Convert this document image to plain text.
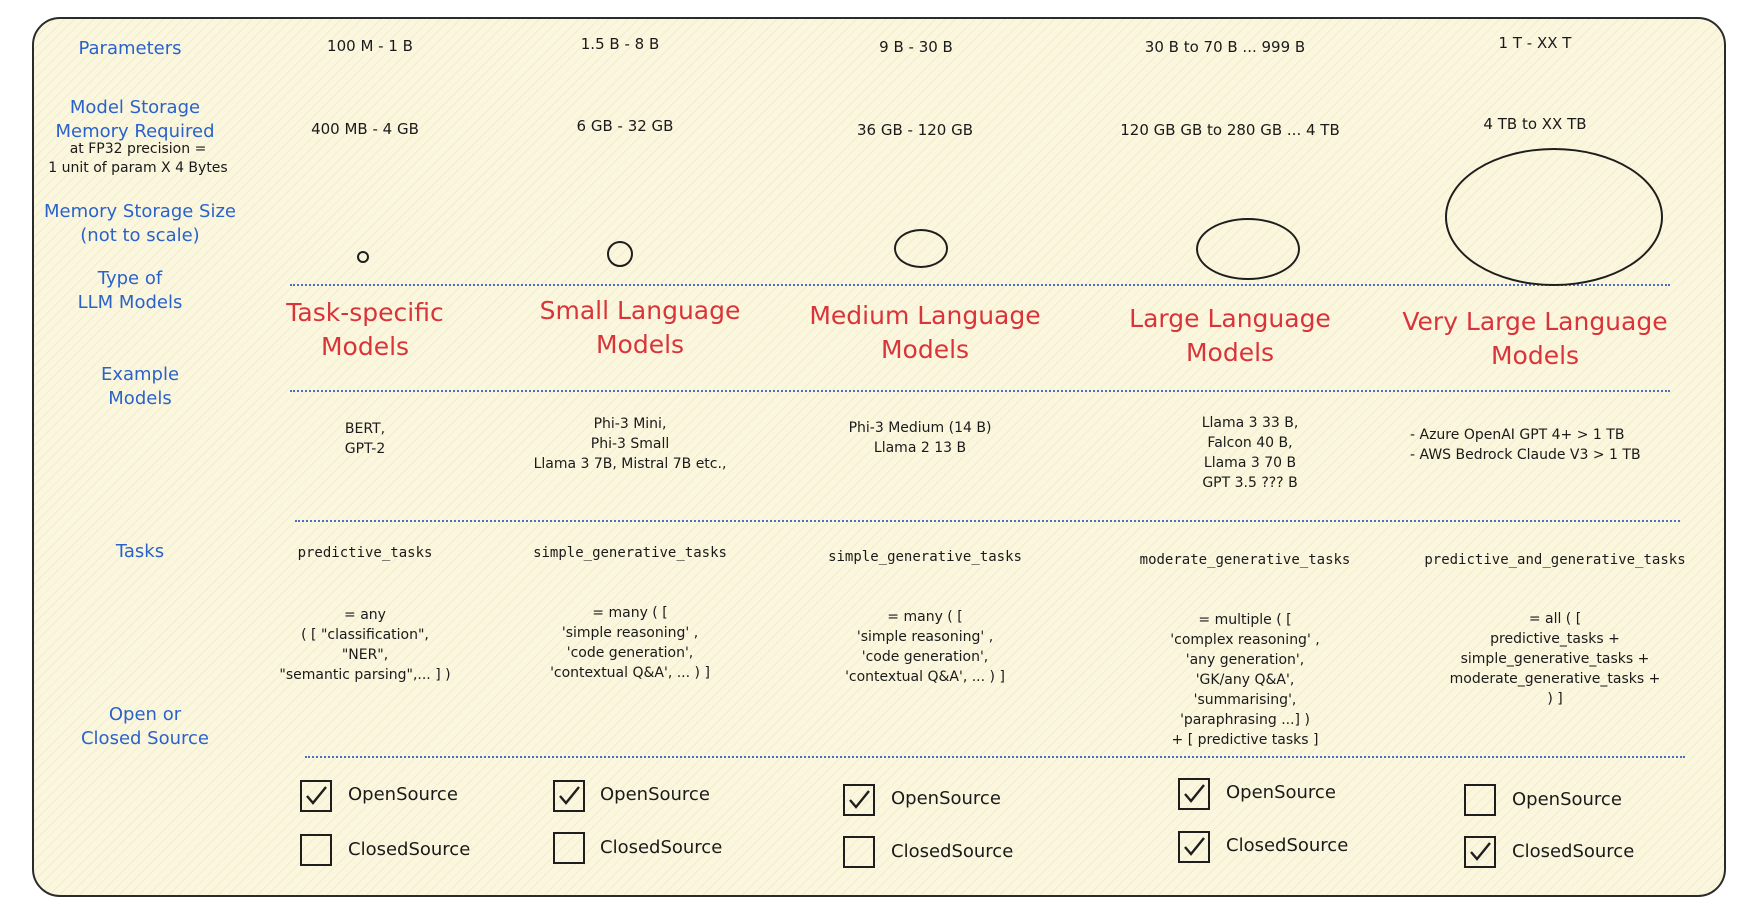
Parameters
Model Storage
Memory Required
at FP32 precision =
1 unit of param X 4 Bytes
Memory Storage Size
(not to scale)
Type of
LLM Models
Example
Models
Tasks
Open or
Closed Source
100 M - 1 B
400 MB - 4 GB
Task-specific
Models
BERT,
GPT-2
predictive_tasks
= any
( [ "classification",
"NER",
"semantic parsing",... ] )
OpenSource
ClosedSource
1.5 B - 8 B
6 GB - 32 GB
Small Language
Models
Phi-3 Mini,
Phi-3 Small
Llama 3 7B, Mistral 7B etc.,
simple_generative_tasks
= many ( [
'simple reasoning' ,
'code generation',
'contextual Q&A', ... ) ]
OpenSource
ClosedSource
9 B - 30 B
36 GB - 120 GB
Medium Language
Models
Phi-3 Medium (14 B)
Llama 2 13 B
simple_generative_tasks
= many ( [
'simple reasoning' ,
'code generation',
'contextual Q&A', ... ) ]
OpenSource
ClosedSource
30 B to 70 B ... 999 B
120 GB GB to 280 GB ... 4 TB
Large Language
Models
Llama 3 33 B,
Falcon 40 B,
Llama 3 70 B
GPT 3.5 ??? B
moderate_generative_tasks
= multiple ( [
'complex reasoning' ,
'any generation',
'GK/any Q&A',
'summarising',
'paraphrasing ...] )
+ [ predictive tasks ]
OpenSource
ClosedSource
1 T - XX T
4 TB to XX TB
Very Large Language
Models
- Azure OpenAI GPT 4+ > 1 TB
- AWS Bedrock Claude V3 > 1 TB
predictive_and_generative_tasks
= all ( [
predictive_tasks +
simple_generative_tasks +
moderate_generative_tasks +
) ]
OpenSource
ClosedSource
